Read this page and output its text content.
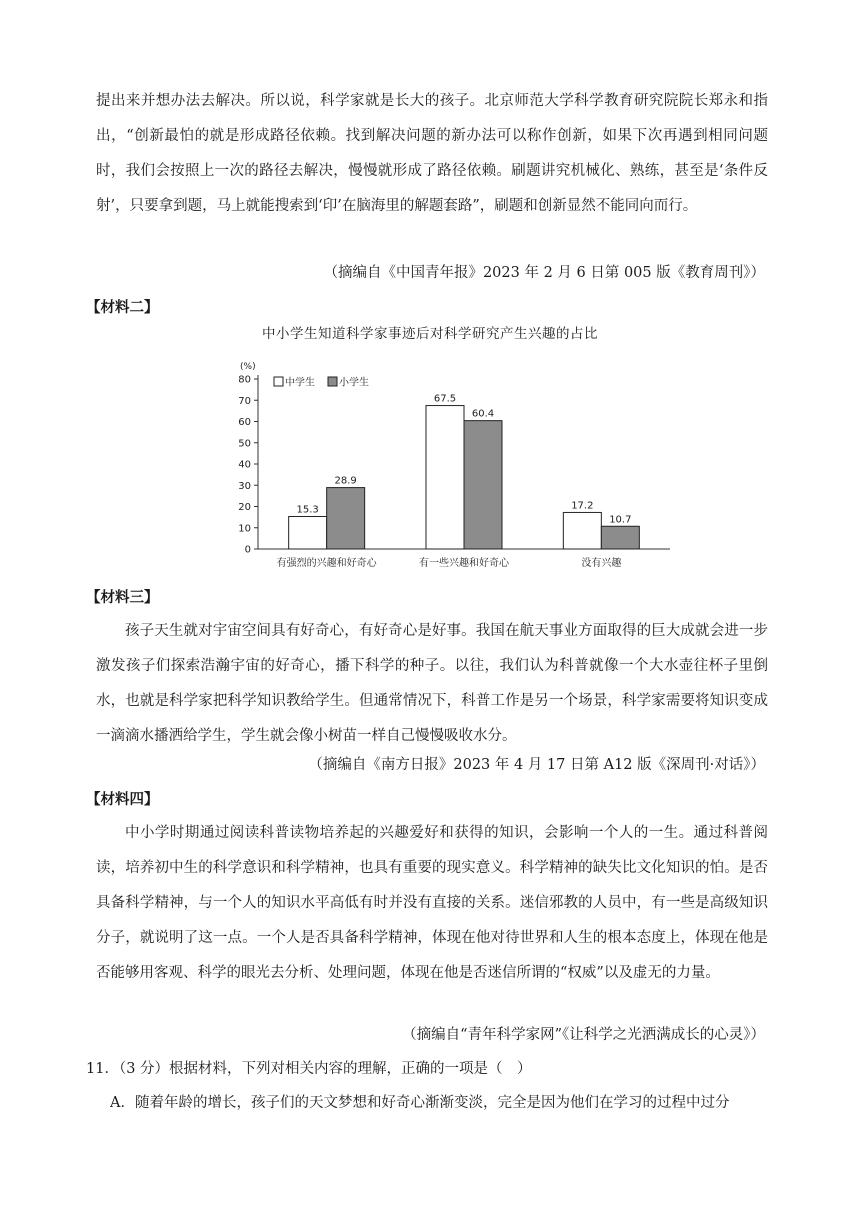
提出来并想办法去解决。所以说，科学家就是长大的孩子。北京师范大学科学教育研究院院长郑永和指出，“创新最怕的就是形成路径依赖。找到解决问题的新办法可以称作创新，如果下次再遇到相同问题时，我们会按照上一次的路径去解决，慢慢就形成了路径依赖。刷题讲究机械化、熟练，甚至是‘条件反射’，只要拿到题，马上就能搜索到‘印’在脑海里的解题套路”，刷题和创新显然不能同向而行。

（摘编自《中国青年报》2023 年 2 月 6 日第 005 版《教育周刊》）

【材料二】

中小学生知道科学家事迹后对科学研究产生兴趣的占比

(%)
0
10
20
30
40
50
60
70
80
15.3
28.9
有强烈的兴趣和好奇心
67.5
60.4
有一些兴趣和好奇心
17.2
10.7
没有兴趣
中学生 小学生

【材料三】

孩子天生就对宇宙空间具有好奇心，有好奇心是好事。我国在航天事业方面取得的巨大成就会进一步激发孩子们探索浩瀚宇宙的好奇心，播下科学的种子。以往，我们认为科普就像一个大水壶往杯子里倒水，也就是科学家把科学知识教给学生。但通常情况下，科普工作是另一个场景，科学家需要将知识变成一滴滴水播洒给学生，学生就会像小树苗一样自己慢慢吸收水分。

（摘编自《南方日报》2023 年 4 月 17 日第 A12 版《深周刊·对话》）

【材料四】

中小学时期通过阅读科普读物培养起的兴趣爱好和获得的知识，会影响一个人的一生。通过科普阅读，培养初中生的科学意识和科学精神，也具有重要的现实意义。科学精神的缺失比文化知识的怕。是否具备科学精神，与一个人的知识水平高低有时并没有直接的关系。迷信邪教的人员中，有一些是高级知识分子，就说明了这一点。一个人是否具备科学精神，体现在他对待世界和人生的根本态度上，体现在他是否能够用客观、科学的眼光去分析、处理问题，体现在他是否迷信所谓的“权威”以及虚无的力量。

（摘编自“青年科学家网”《让科学之光洒满成长的心灵》）

11．（3 分）根据材料，下列对相关内容的理解，正确的一项是（　）

A．随着年龄的增长，孩子们的天文梦想和好奇心渐渐变淡，完全是因为他们在学习的过程中过分
